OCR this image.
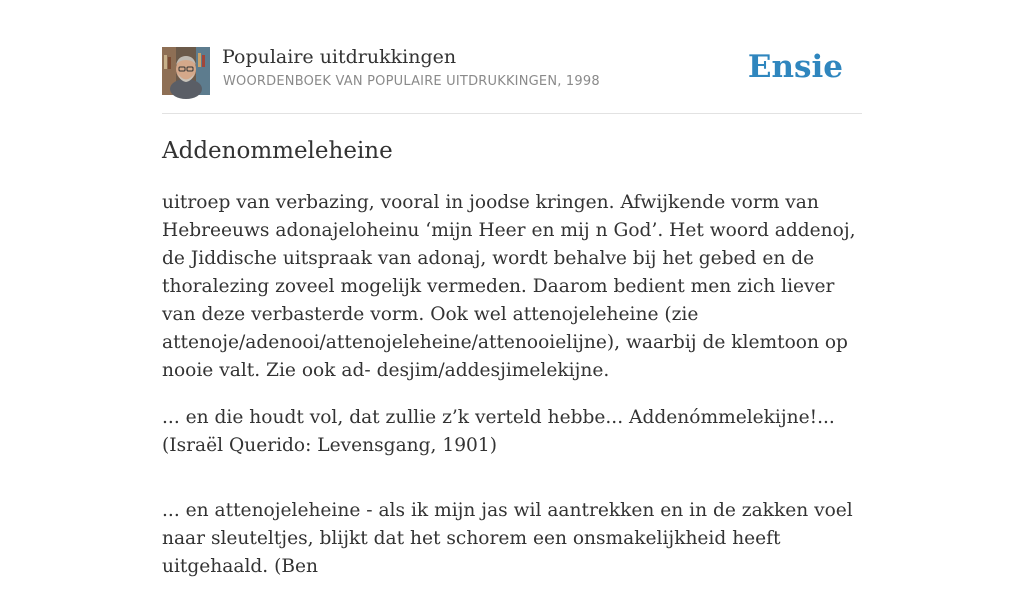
Populaire uitdrukkingen
WOORDENBOEK VAN POPULAIRE UITDRUKKINGEN, 1998	Ensie
Addenommeleheine

uitroep van verbazing, vooral in joodse kringen. Afwijkende vorm van Hebreeuws adonajeloheinu ‘mijn Heer en mij n God’. Het woord addenoj, de Jiddische uitspraak van adonaj, wordt behalve bij het gebed en de thoralezing zoveel mogelijk vermeden. Daarom bedient men zich liever van deze verbasterde vorm. Ook wel attenojeleheine (zie attenoje/adenooi/attenojeleheine/attenooielijne), waarbij de klemtoon op nooie valt. Zie ook ad- desjim/addesjimelekijne.

... en die houdt vol, dat zullie z’k verteld hebbe... Addenómmelekijne!... (Israël Querido: Levensgang, 1901)

... en attenojeleheine - als ik mijn jas wil aantrekken en in de zakken voel naar sleuteltjes, blijkt dat het schorem een onsmakelijkheid heeft uitgehaald. (Ben
